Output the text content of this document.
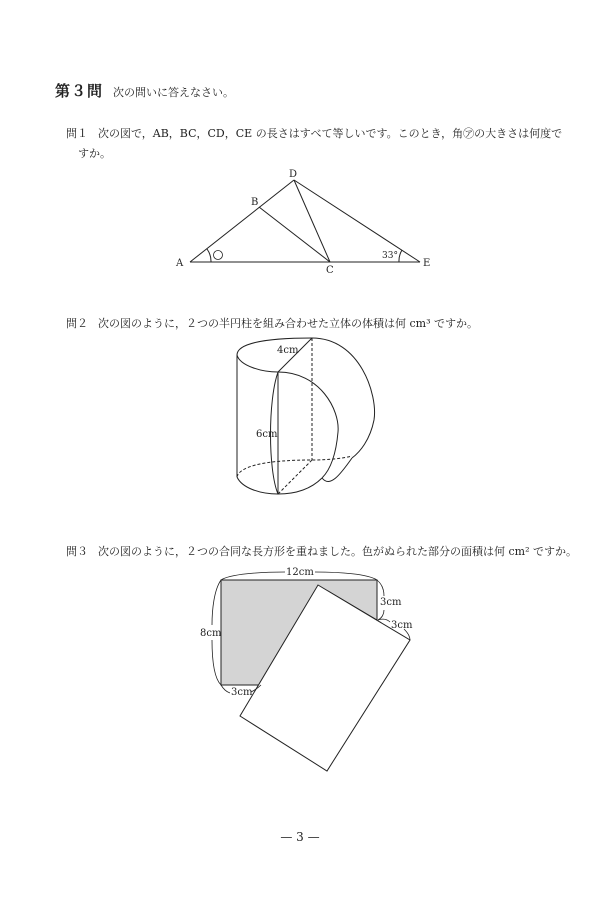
第３問 次の問いに答えなさい。
問１ 次の図で，AB，BC，CD，CE の長さはすべて等しいです。このとき，角㋐の大きさは何度で
すか。
問２ 次の図のように，２つの半円柱を組み合わせた立体の体積は何 cm³ ですか。
問３ 次の図のように，２つの合同な長方形を重ねました。色がぬられた部分の面積は何 cm² ですか。
A
B
D
C
E
33°
4cm
6cm
12cm
8cm
3cm
3cm
3cm
— 3 —
